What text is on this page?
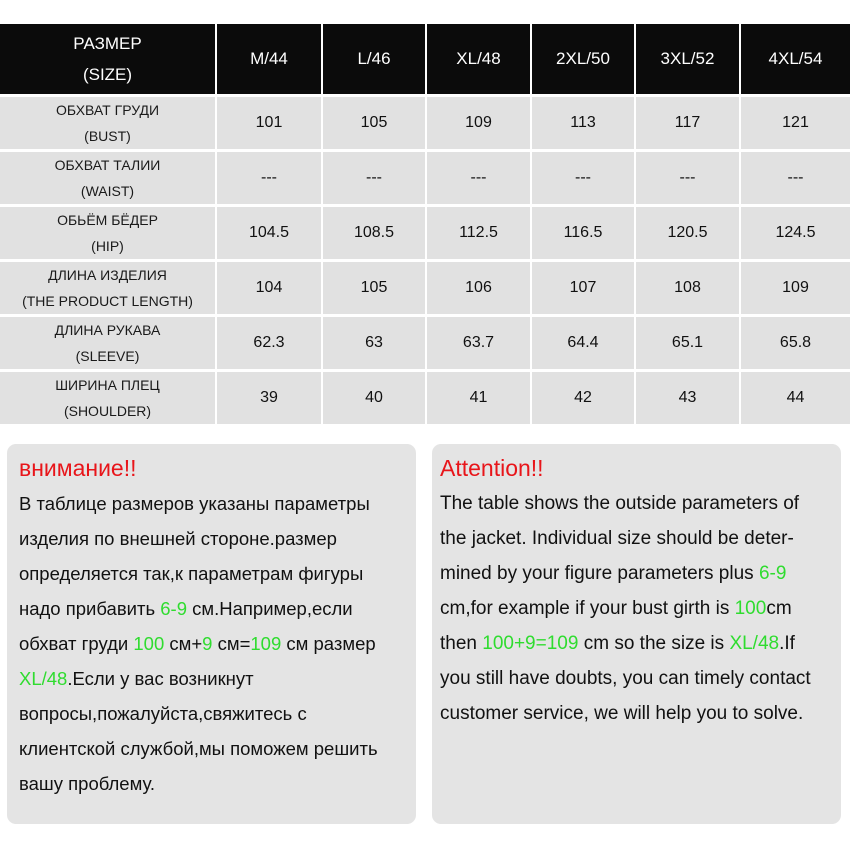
РАЗМЕР
(SIZE)	M/44	L/46	XL/48	2XL/50	3XL/52	4XL/54

ОБХВАТ ГРУДИ
(BUST)	101	105	109	113	117	121

ОБХВАТ ТАЛИИ
(WAIST)	---	---	---	---	---	---

ОБЬЁМ БЁДЕР
(HIP)	104.5	108.5	112.5	116.5	120.5	124.5

ДЛИНА ИЗДЕЛИЯ
(THE PRODUCT LENGTH)	104	105	106	107	108	109

ДЛИНА РУКАВА
(SLEEVE)	62.3	63	63.7	64.4	65.1	65.8

ШИРИНА ПЛЕЦ
(SHOULDER)	39	40	41	42	43	44

внимание!!

В таблице размеров указаны параметры

изделия по внешней стороне.размер

определяется так,к параметрам фигуры

надо прибавить 6-9 см.Например,если

обхват груди 100 см+9 см=109 см размер

XL/48.Если у вас возникнут

вопросы,пожалуйста,свяжитесь с

клиентской службой,мы поможем решить

вашу проблему.

Attention!!

The table shows the outside parameters of

the jacket. Individual size should be deter-

mined by your figure parameters plus 6-9

cm,for example if your bust girth is 100cm

then 100+9=109 cm so the size is XL/48.If

you still have doubts, you can timely contact

customer service, we will help you to solve.
